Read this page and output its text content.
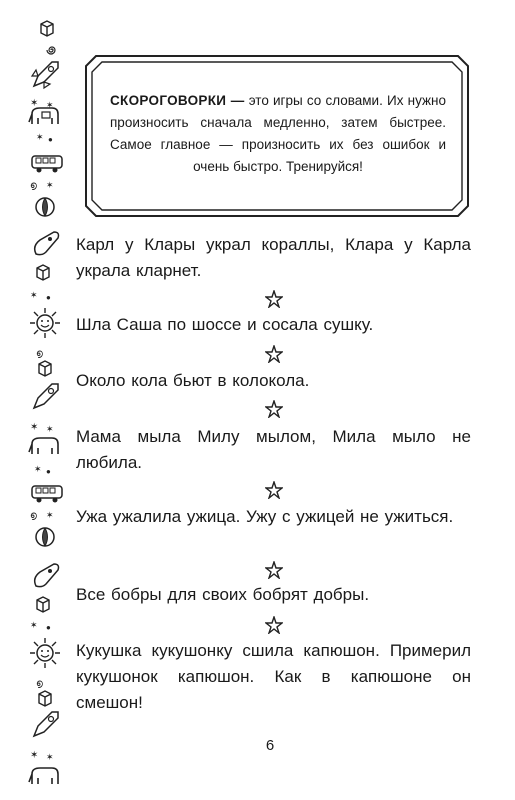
✶ ✶
✶ ●
൭ ✶
✶ ●
൭
✶ ✶
✶ ●
൭ ✶
✶ ●
൭
✶ ✶
СКОРОГОВОРКИ — это игры со словами. Их нужно произносить сначала медленно, затем быстрее. Самое главное — произносить их без ошибок и очень быстро. Тренируйся!
Карл у Клары украл кораллы, Клара у Карла украла кларнет.
Шла Саша по шоссе и сосала сушку.
Около кола бьют в колокола.
Мама мыла Милу мылом, Мила мыло не любила.
Ужа ужалила ужица. Ужу с ужицей не ужиться.
Все бобры для своих бобрят добры.
Кукушка кукушонку сшила капюшон. Примерил кукушонок капюшон. Как в капюшоне он смешон!
6
